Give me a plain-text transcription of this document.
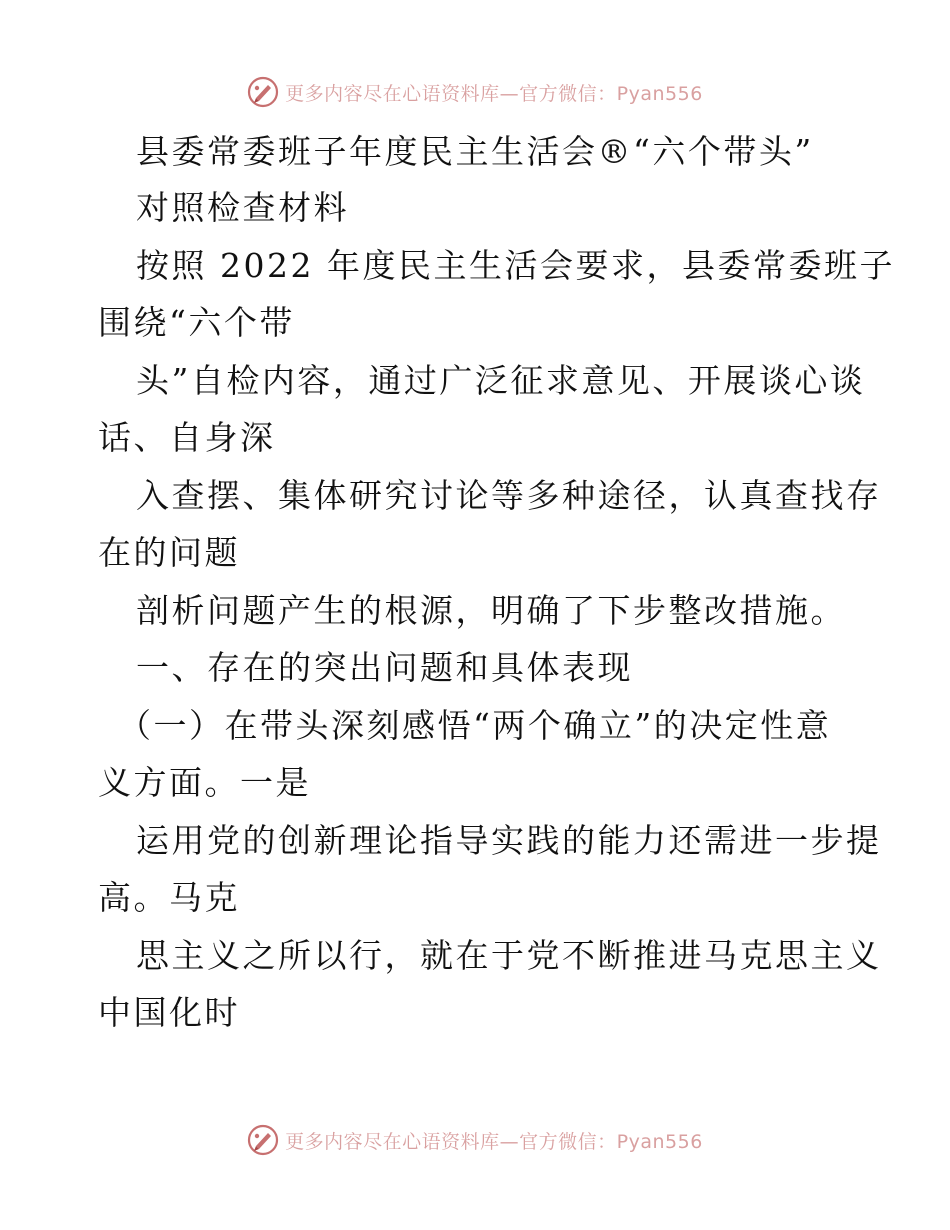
更多内容尽在心语资料库—官方微信：Pyan556
县委常委班子年度民主生活会®“六个带头”
对照检查材料
按照 2022 年度民主生活会要求，县委常委班子
围绕“六个带
头”自检内容，通过广泛征求意见、开展谈心谈
话、自身深
入查摆、集体研究讨论等多种途径，认真查找存
在的问题
剖析问题产生的根源，明确了下步整改措施。
一、存在的突出问题和具体表现
（一）在带头深刻感悟“两个确立”的决定性意
义方面。一是
运用党的创新理论指导实践的能力还需进一步提
高。马克
思主义之所以行，就在于党不断推进马克思主义
中国化时
更多内容尽在心语资料库—官方微信：Pyan556
